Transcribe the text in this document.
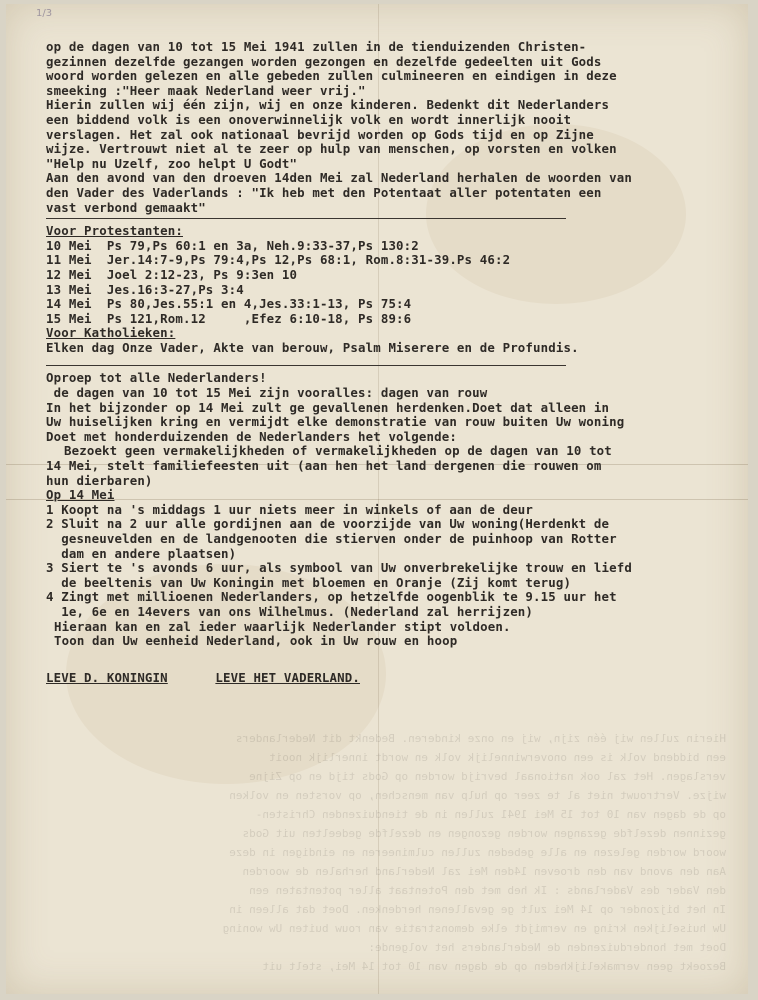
1/3

Hierin zullen wij één zijn, wij en onze kinderen. Bedenkt dit Nederlanders
een biddend volk is een onoverwinnelijk volk en wordt innerlijk nooit
verslagen. Het zal ook nationaal bevrijd worden op Gods tijd en op Zijne
wijze. Vertrouwt niet al te zeer op hulp van menschen, op vorsten en volken
op de dagen van 10 tot 15 Mei 1941 zullen in de tienduizenden Christen-
gezinnen dezelfde gezangen worden gezongen en dezelfde gedeelten uit Gods
woord worden gelezen en alle gebeden zullen culmineeren en eindigen in deze
Aan den avond van den droeven 14den Mei zal Nederland herhalen de woorden
den Vader des Vaderlands : Ik heb met den Potentaat aller potentaten een
In het bijzonder op 14 Mei zult ge gevallenen herdenken. Doet dat alleen in
Uw huiselijken kring en vermijdt elke demonstratie van rouw buiten Uw woning
Doet met honderduizenden de Nederlanders het volgende:
Bezoekt geen vermakelijkheden op de dagen van 10 tot 14 Mei, stelt uit

op de dagen van 10 tot 15 Mei 1941 zullen in de tienduizenden Christen-
gezinnen dezelfde gezangen worden gezongen en dezelfde gedeelten uit Gods
woord worden gelezen en alle gebeden zullen culmineeren en eindigen in deze
smeeking :"Heer maak Nederland weer vrij."
Hierin zullen wij één zijn, wij en onze kinderen. Bedenkt dit Nederlanders
een biddend volk is een onoverwinnelijk volk en wordt innerlijk nooit
verslagen. Het zal ook nationaal bevrijd worden op Gods tijd en op Zijne
wijze. Vertrouwt niet al te zeer op hulp van menschen, op vorsten en volken
"Help nu Uzelf, zoo helpt U Godt"
Aan den avond van den droeven 14den Mei zal Nederland herhalen de woorden van
den Vader des Vaderlands : "Ik heb met den Potentaat aller potentaten een
vast verbond gemaakt"
Voor Protestanten:
10 Mei  Ps 79,Ps 60:1 en 3a, Neh.9:33-37,Ps 130:2
11 Mei  Jer.14:7-9,Ps 79:4,Ps 12,Ps 68:1, Rom.8:31-39.Ps 46:2
12 Mei  Joel 2:12-23, Ps 9:3en 10
13 Mei  Jes.16:3-27,Ps 3:4
14 Mei  Ps 80,Jes.55:1 en 4,Jes.33:1-13, Ps 75:4
15 Mei  Ps 121,Rom.12     ,Efez 6:10-18, Ps 89:6
Voor Katholieken:
Elken dag Onze Vader, Akte van berouw, Psalm Miserere en de Profundis.
Oproep tot alle Nederlanders!
de dagen van 10 tot 15 Mei zijn vooralles: dagen van rouw
In het bijzonder op 14 Mei zult ge gevallenen herdenken.Doet dat alleen in
Uw huiselijken kring en vermijdt elke demonstratie van rouw buiten Uw woning
Doet met honderduizenden de Nederlanders het volgende:
Bezoekt geen vermakelijkheden of vermakelijkheden op de dagen van 10 tot
14 Mei, stelt familiefeesten uit (aan hen het land dergenen die rouwen om
hun dierbaren)
Op 14 Mei
1 Koopt na 's middags 1 uur niets meer in winkels of aan de deur
2 Sluit na 2 uur alle gordijnen aan de voorzijde van Uw woning(Herdenkt de
gesneuvelden en de landgenooten die stierven onder de puinhoop van Rotter
dam en andere plaatsen)
3 Siert te 's avonds 6 uur, als symbool van Uw onverbrekelijke trouw en liefd
de beeltenis van Uw Koningin met bloemen en Oranje (Zij komt terug)
4 Zingt met millioenen Nederlanders, op hetzelfde oogenblik te 9.15 uur het
1e, 6e en 14evers van ons Wilhelmus. (Nederland zal herrijzen)
Hieraan kan en zal ieder waarlijk Nederlander stipt voldoen.
Toon dan Uw eenheid Nederland, ook in Uw rouw en hoop
LEVE D. KONINGIN	LEVE HET VADERLAND.
